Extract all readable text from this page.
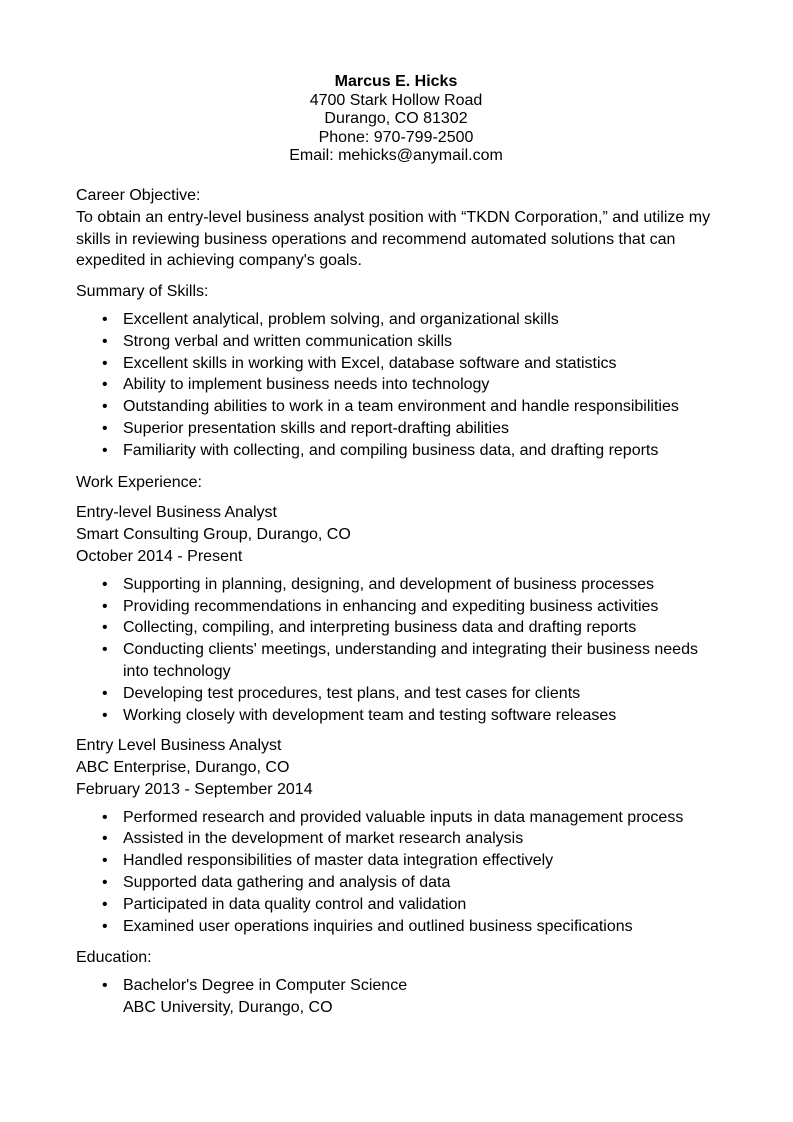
Marcus E. Hicks
4700 Stark Hollow Road
Durango, CO 81302
Phone: 970-799-2500
Email: mehicks@anymail.com
Career Objective:
To obtain an entry-level business analyst position with “TKDN Corporation,” and utilize my
skills in reviewing business operations and recommend automated solutions that can
expedited in achieving company's goals.
Summary of Skills:
• Excellent analytical, problem solving, and organizational skills
• Strong verbal and written communication skills
• Excellent skills in working with Excel, database software and statistics
• Ability to implement business needs into technology
• Outstanding abilities to work in a team environment and handle responsibilities
• Superior presentation skills and report-drafting abilities
• Familiarity with collecting, and compiling business data, and drafting reports
Work Experience:
Entry-level Business Analyst
Smart Consulting Group, Durango, CO
October 2014 - Present
• Supporting in planning, designing, and development of business processes
• Providing recommendations in enhancing and expediting business activities
• Collecting, compiling, and interpreting business data and drafting reports
• Conducting clients' meetings, understanding and integrating their business needs into technology
• Developing test procedures, test plans, and test cases for clients
• Working closely with development team and testing software releases
Entry Level Business Analyst
ABC Enterprise, Durango, CO
February 2013 - September 2014
• Performed research and provided valuable inputs in data management process
• Assisted in the development of market research analysis
• Handled responsibilities of master data integration effectively
• Supported data gathering and analysis of data
• Participated in data quality control and validation
• Examined user operations inquiries and outlined business specifications
Education:
• Bachelor's Degree in Computer Science
ABC University, Durango, CO
